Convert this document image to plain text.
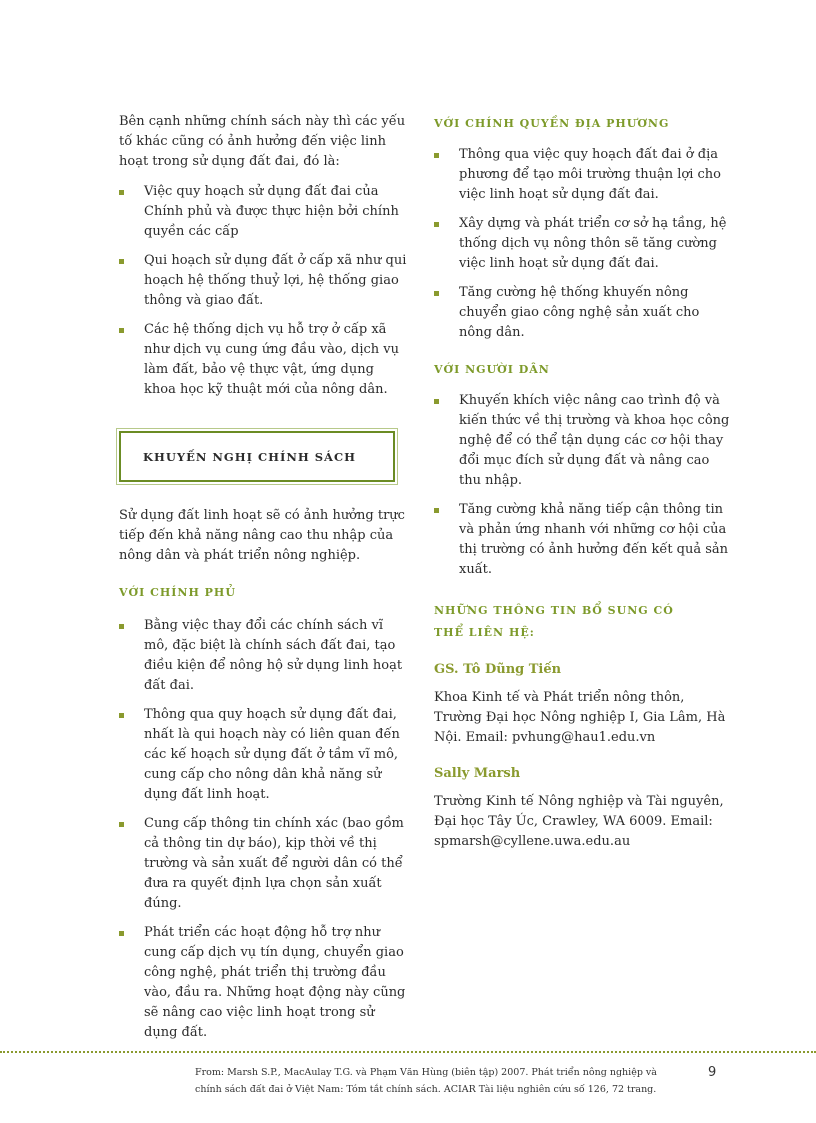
Bên cạnh những chính sách này thì các yếu tố khác cũng có ảnh hưởng đến việc linh hoạt trong sử dụng đất đai, đó là:

Việc quy hoạch sử dụng đất đai của Chính phủ và được thực hiện bởi chính quyền các cấp
Qui hoạch sử dụng đất ở cấp xã như qui hoạch hệ thống thuỷ lợi, hệ thống giao thông và giao đất.
Các hệ thống dịch vụ hỗ trợ ở cấp xã như dịch vụ cung ứng đầu vào, dịch vụ làm đất, bảo vệ thực vật, ứng dụng khoa học kỹ thuật mới của nông dân.
KHUYẾN NGHỊ CHÍNH SÁCH

Sử dụng đất linh hoạt sẽ có ảnh hưởng trực tiếp đến khả năng nâng cao thu nhập của nông dân và phát triển nông nghiệp.

VỚI CHÍNH PHỦ
Bằng việc thay đổi các chính sách vĩ mô, đặc biệt là chính sách đất đai, tạo điều kiện để nông hộ sử dụng linh hoạt đất đai.
Thông qua quy hoạch sử dụng đất đai, nhất là qui hoạch này có liên quan đến các kế hoạch sử dụng đất ở tầm vĩ mô, cung cấp cho nông dân khả năng sử dụng đất linh hoạt.
Cung cấp thông tin chính xác (bao gồm cả thông tin dự báo), kịp thời về thị trường và sản xuất để người dân có thể đưa ra quyết định lựa chọn sản xuất đúng.
Phát triển các hoạt động hỗ trợ như cung cấp dịch vụ tín dụng, chuyển giao công nghệ, phát triển thị trường đầu vào, đầu ra. Những hoạt động này cũng sẽ nâng cao việc linh hoạt trong sử dụng đất.
VỚI CHÍNH QUYỀN ĐỊA PHƯƠNG
Thông qua việc quy hoạch đất đai ở địa phương để tạo môi trường thuận lợi cho việc linh hoạt sử dụng đất đai.
Xây dựng và phát triển cơ sở hạ tầng, hệ thống dịch vụ nông thôn sẽ tăng cường việc linh hoạt sử dụng đất đai.
Tăng cường hệ thống khuyến nông chuyển giao công nghệ sản xuất cho nông dân.
VỚI NGƯỜI DÂN
Khuyến khích việc nâng cao trình độ và kiến thức về thị trường và khoa học công nghệ để có thể tận dụng các cơ hội thay đổi mục đích sử dụng đất và nâng cao thu nhập.
Tăng cường khả năng tiếp cận thông tin và phản ứng nhanh với những cơ hội của thị trường có ảnh hưởng đến kết quả sản xuất.
NHỮNG THÔNG TIN BỔ SUNG CÓ THỂ LIÊN HỆ:

GS. Tô Dũng Tiến

Khoa Kinh tế và Phát triển nông thôn, Trường Đại học Nông nghiệp I, Gia Lâm, Hà Nội. Email: pvhung@hau1.edu.vn

Sally Marsh

Trường Kinh tế Nông nghiệp và Tài nguyên, Đại học Tây Úc, Crawley, WA 6009. Email: spmarsh@cyllene.uwa.edu.au

From: Marsh S.P., MacAulay T.G. và Phạm Văn Hùng (biên tập) 2007. Phát triển nông nghiệp và chính sách đất đai ở Việt Nam: Tóm tắt chính sách. ACIAR Tài liệu nghiên cứu số 126, 72 trang.
9
